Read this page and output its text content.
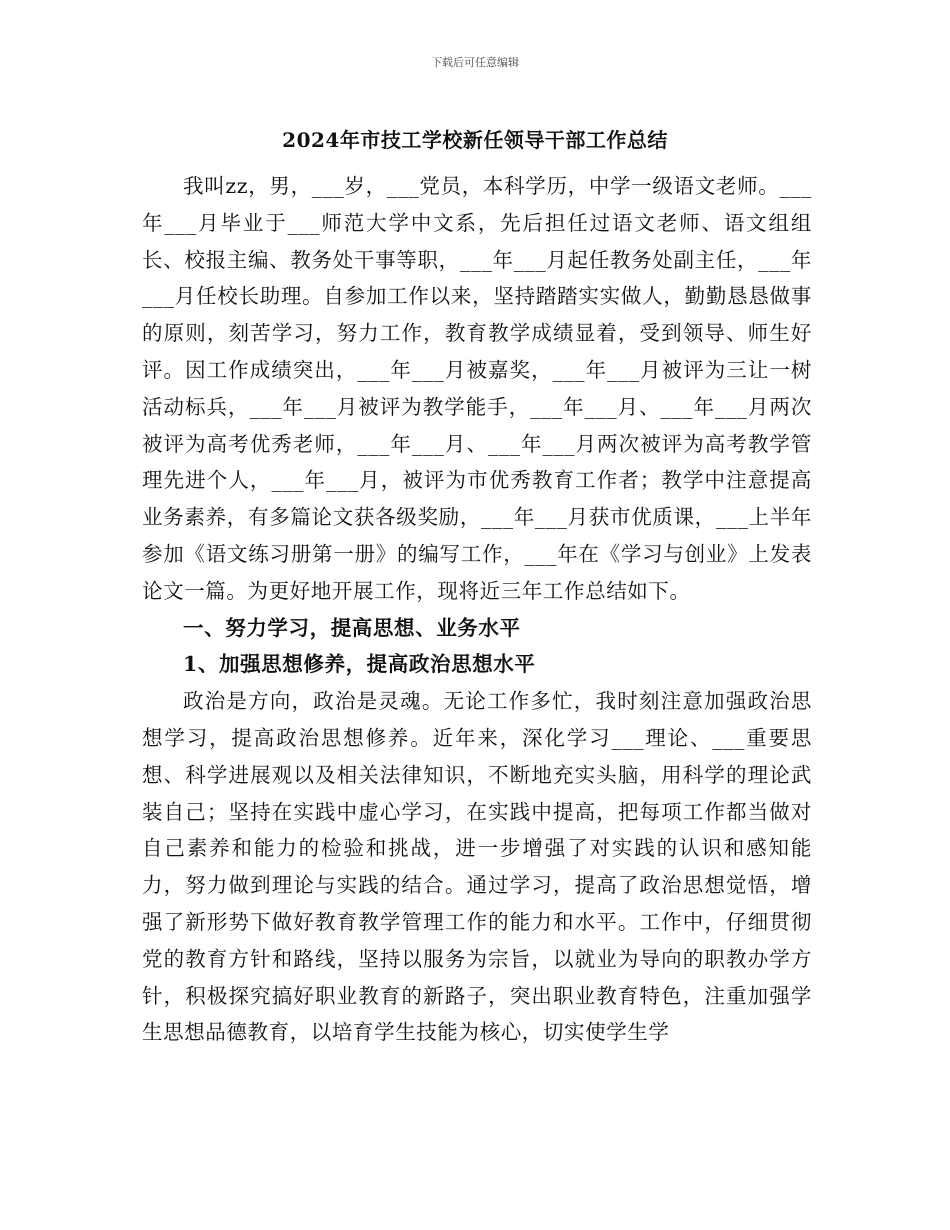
下载后可任意编辑
2024年市技工学校新任领导干部工作总结

我叫zz，男，___岁，___党员，本科学历，中学一级语文老师。___年___月毕业于___师范大学中文系，先后担任过语文老师、语文组组长、校报主编、教务处干事等职，___年___月起任教务处副主任，___年___月任校长助理。自参加工作以来，坚持踏踏实实做人，勤勤恳恳做事的原则，刻苦学习，努力工作，教育教学成绩显着，受到领导、师生好评。因工作成绩突出，___年___月被嘉奖，___年___月被评为三让一树活动标兵，___年___月被评为教学能手，___年___月、___年___月两次被评为高考优秀老师，___年___月、___年___月两次被评为高考教学管理先进个人，___年___月，被评为市优秀教育工作者；教学中注意提高业务素养，有多篇论文获各级奖励，___年___月获市优质课，___上半年参加《语文练习册第一册》的编写工作，___年在《学习与创业》上发表论文一篇。为更好地开展工作，现将近三年工作总结如下。

一、努力学习，提高思想、业务水平
1、加强思想修养，提高政治思想水平

政治是方向，政治是灵魂。无论工作多忙，我时刻注意加强政治思想学习，提高政治思想修养。近年来，深化学习___理论、___重要思想、科学进展观以及相关法律知识，不断地充实头脑，用科学的理论武装自己；坚持在实践中虚心学习，在实践中提高，把每项工作都当做对自己素养和能力的检验和挑战，进一步增强了对实践的认识和感知能力，努力做到理论与实践的结合。通过学习，提高了政治思想觉悟，增强了新形势下做好教育教学管理工作的能力和水平。工作中，仔细贯彻党的教育方针和路线，坚持以服务为宗旨，以就业为导向的职教办学方针，积极探究搞好职业教育的新路子，突出职业教育特色，注重加强学生思想品德教育，以培育学生技能为核心，切实使学生学
